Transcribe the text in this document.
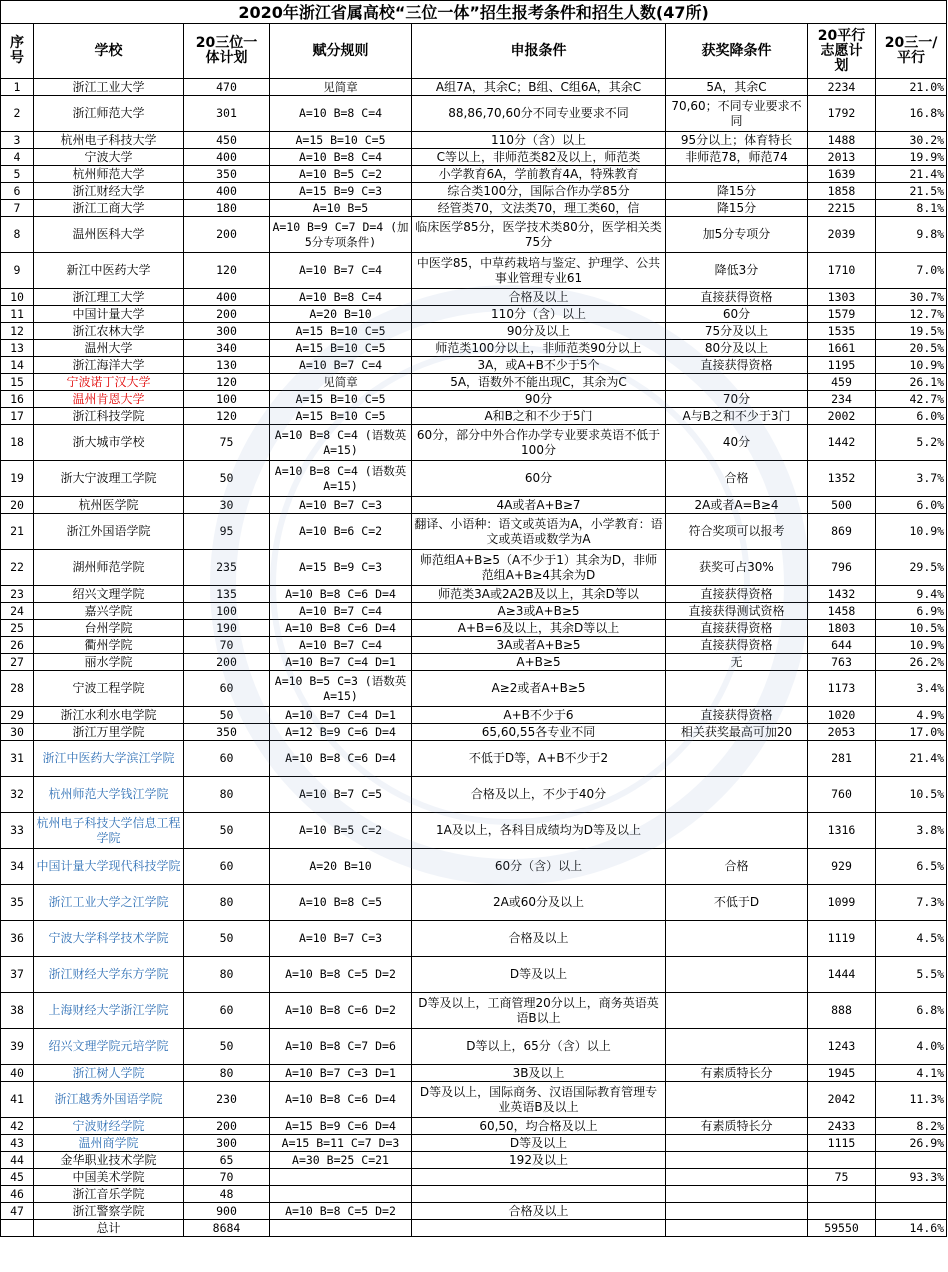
2020年浙江省属高校“三位一体”招生报考条件和招生人数(47所)							
序号	学校	20三位一体计划	赋分规则	申报条件	获奖降条件	20平行志愿计划	20三一/平行
1	浙江工业大学	470	见简章	A组7A，其余C；B组、C组6A，其余C	5A，其余C	2234	21.0%
2	浙江师范大学	301	A=10 B=8 C=4	88,86,70,60分不同专业要求不同	70,60；不同专业要求不同	1792	16.8%
3	杭州电子科技大学	450	A=15 B=10 C=5	110分（含）以上	95分以上；体育特长	1488	30.2%
4	宁波大学	400	A=10 B=8 C=4	C等以上，非师范类82及以上，师范类	非师范78，师范74	2013	19.9%
5	杭州师范大学	350	A=10 B=5 C=2	小学教育6A，学前教育4A，特殊教育		1639	21.4%
6	浙江财经大学	400	A=15 B=9 C=3	综合类100分，国际合作办学85分	降15分	1858	21.5%
7	浙江工商大学	180	A=10 B=5	经管类70，文法类70，理工类60，信	降15分	2215	8.1%
8	温州医科大学	200	A=10 B=9 C=7 D=4 (加5分专项条件)	临床医学85分，医学技术类80分，医学相关类75分	加5分专项分	2039	9.8%
9	新江中医药大学	120	A=10 B=7 C=4	中医学85，中草药栽培与鉴定、护理学、公共事业管理专业61	降低3分	1710	7.0%
10	浙江理工大学	400	A=10 B=8 C=4	合格及以上	直接获得资格	1303	30.7%
11	中国计量大学	200	A=20 B=10	110分（含）以上	60分	1579	12.7%
12	浙江农林大学	300	A=15 B=10 C=5	90分及以上	75分及以上	1535	19.5%
13	温州大学	340	A=15 B=10 C=5	师范类100分以上，非师范类90分以上	80分及以上	1661	20.5%
14	浙江海洋大学	130	A=10 B=7 C=4	3A，或A+B不少于5个	直接获得资格	1195	10.9%
15	宁波诺丁汉大学	120	见简章	5A，语数外不能出现C，其余为C		459	26.1%
16	温州肯恩大学	100	A=15 B=10 C=5	90分	70分	234	42.7%
17	浙江科技学院	120	A=15 B=10 C=5	A和B之和不少于5门	A与B之和不少于3门	2002	6.0%
18	浙大城市学校	75	A=10 B=8 C=4 (语数英A=15)	60分，部分中外合作办学专业要求英语不低于100分	40分	1442	5.2%
19	浙大宁波理工学院	50	A=10 B=8 C=4 (语数英A=15)	60分	合格	1352	3.7%
20	杭州医学院	30	A=10 B=7 C=3	4A或者A+B≥7	2A或者A=B≥4	500	6.0%
21	浙江外国语学院	95	A=10 B=6 C=2	翻译、小语种：语文或英语为A，小学教育：语文或英语或数学为A	符合奖项可以报考	869	10.9%
22	湖州师范学院	235	A=15 B=9 C=3	师范组A+B≥5（A不少于1）其余为D，非师范组A+B≥4其余为D	获奖可占30%	796	29.5%
23	绍兴文理学院	135	A=10 B=8 C=6 D=4	师范类3A或2A2B及以上，其余D等以	直接获得资格	1432	9.4%
24	嘉兴学院	100	A=10 B=7 C=4	A≥3或A+B≥5	直接获得测试资格	1458	6.9%
25	台州学院	190	A=10 B=8 C=6 D=4	A+B=6及以上，其余D等以上	直接获得资格	1803	10.5%
26	衢州学院	70	A=10 B=7 C=4	3A或者A+B≥5	直接获得资格	644	10.9%
27	丽水学院	200	A=10 B=7 C=4 D=1	A+B≥5	无	763	26.2%
28	宁波工程学院	60	A=10 B=5 C=3 (语数英A=15)	A≥2或者A+B≥5		1173	3.4%
29	浙江水利水电学院	50	A=10 B=7 C=4 D=1	A+B不少于6	直接获得资格	1020	4.9%
30	浙江万里学院	350	A=12 B=9 C=6 D=4	65,60,55各专业不同	相关获奖最高可加20	2053	17.0%
31	浙江中医药大学滨江学院	60	A=10 B=8 C=6 D=4	不低于D等，A+B不少于2		281	21.4%
32	杭州师范大学钱江学院	80	A=10 B=7 C=5	合格及以上，不少于40分		760	10.5%
33	杭州电子科技大学信息工程学院	50	A=10 B=5 C=2	1A及以上，各科目成绩均为D等及以上		1316	3.8%
34	中国计量大学现代科技学院	60	A=20 B=10	60分（含）以上	合格	929	6.5%
35	浙江工业大学之江学院	80	A=10 B=8 C=5	2A或60分及以上	不低于D	1099	7.3%
36	宁波大学科学技术学院	50	A=10 B=7 C=3	合格及以上		1119	4.5%
37	浙江财经大学东方学院	80	A=10 B=8 C=5 D=2	D等及以上		1444	5.5%
38	上海财经大学浙江学院	60	A=10 B=8 C=6 D=2	D等及以上，工商管理20分以上，商务英语英语B以上		888	6.8%
39	绍兴文理学院元培学院	50	A=10 B=8 C=7 D=6	D等以上，65分（含）以上		1243	4.0%
40	浙江树人学院	80	A=10 B=7 C=3 D=1	3B及以上	有素质特长分	1945	4.1%
41	浙江越秀外国语学院	230	A=10 B=8 C=6 D=4	D等及以上，国际商务、汉语国际教育管理专业英语B及以上		2042	11.3%
42	宁波财经学院	200	A=15 B=9 C=6 D=4	60,50，均合格及以上	有素质特长分	2433	8.2%
43	温州商学院	300	A=15 B=11 C=7 D=3	D等及以上		1115	26.9%
44	金华职业技术学院	65	A=30 B=25 C=21	192及以上			
45	中国美术学院	70				75	93.3%
46	浙江音乐学院	48					
47	浙江警察学院	900	A=10 B=8 C=5 D=2	合格及以上			
	总计	8684				59550	14.6%
